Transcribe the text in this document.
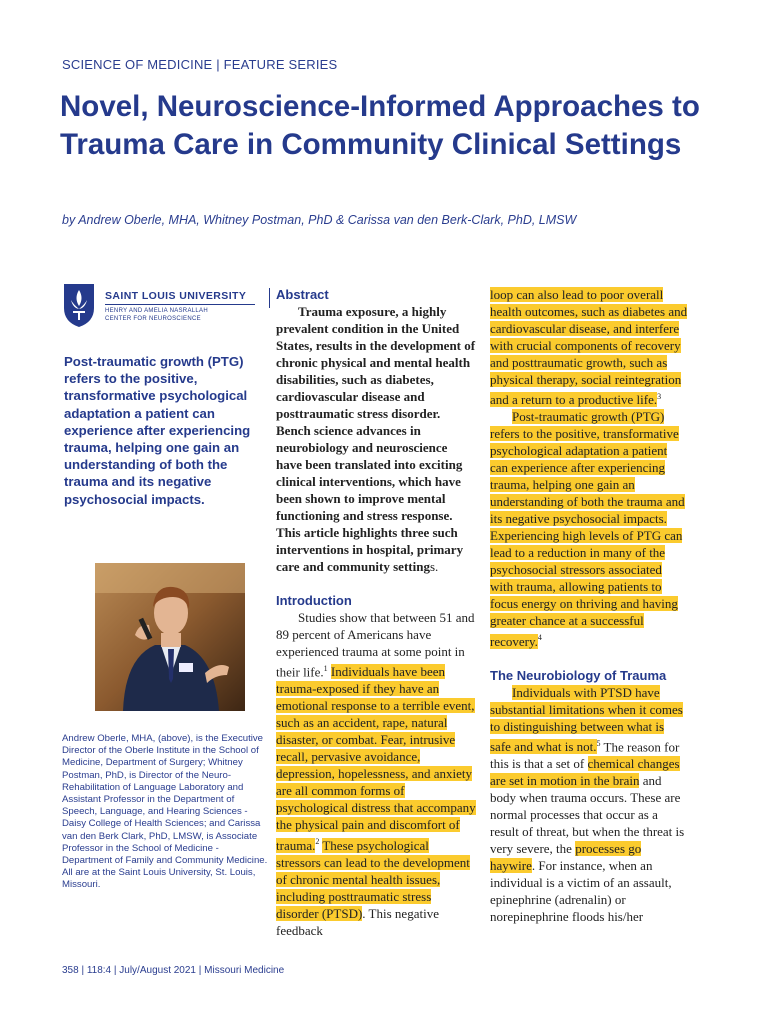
SCIENCE OF MEDICINE | FEATURE SERIES
Novel, Neuroscience-Informed Approaches to Trauma Care in Community Clinical Settings
by Andrew Oberle, MHA, Whitney Postman, PhD & Carissa van den Berk-Clark, PhD, LMSW
SAINT LOUIS UNIVERSITY
HENRY AND AMELIA NASRALLAH
CENTER FOR NEUROSCIENCE
Post-traumatic growth (PTG) refers to the positive, transformative psychological adaptation a patient can experience after experiencing trauma, helping one gain an understanding of both the trauma and its negative psychosocial impacts.
Andrew Oberle, MHA, (above), is the Executive Director of the Oberle Institute in the School of Medicine, Department of Surgery; Whitney Postman, PhD, is Director of the Neuro-Rehabilitation of Language Laboratory and Assistant Professor in the Department of Speech, Language, and Hearing Sciences - Daisy College of Health Sciences; and Carissa van den Berk Clark, PhD, LMSW, is Associate Professor in the School of Medicine - Department of Family and Community Medicine. All are at the Saint Louis University, St. Louis, Missouri.

Abstract

Trauma exposure, a highly prevalent condition in the United States, results in the development of chronic physical and mental health disabilities, such as diabetes, cardiovascular disease and posttraumatic stress disorder. Bench science advances in neurobiology and neuroscience have been translated into exciting clinical interventions, which have been shown to improve mental functioning and stress response. This article highlights three such interventions in hospital, primary care and community settings.

Introduction

Studies show that between 51 and 89 percent of Americans have experienced trauma at some point in their life.$^1$ Individuals have been trauma-exposed if they have an emotional response to a terrible event, such as an accident, rape, natural disaster, or combat. Fear, intrusive recall, pervasive avoidance, depression, hopelessness, and anxiety are all common forms of psychological distress that accompany the physical pain and discomfort of trauma.$^2$ These psychological stressors can lead to the development of chronic mental health issues, including posttraumatic stress disorder (PTSD). This negative feedback

loop can also lead to poor overall health outcomes, such as diabetes and cardiovascular disease, and interfere with crucial components of recovery and posttraumatic growth, such as physical therapy, social reintegration and a return to a productive life.$^3$

Post-traumatic growth (PTG) refers to the positive, transformative psychological adaptation a patient can experience after experiencing trauma, helping one gain an understanding of both the trauma and its negative psychosocial impacts. Experiencing high levels of PTG can lead to a reduction in many of the psychosocial stressors associated with trauma, allowing patients to focus energy on thriving and having greater chance at a successful recovery.$^4$

The Neurobiology of Trauma

Individuals with PTSD have substantial limitations when it comes to distinguishing between what is safe and what is not.$^5$ The reason for this is that a set of chemical changes are set in motion in the brain and body when trauma occurs. These are normal processes that occur as a result of threat, but when the threat is very severe, the processes go haywire. For instance, when an individual is a victim of an assault, epinephrine (adrenalin) or norepinephrine floods his/her

358 | 118:4 | July/August 2021 | Missouri Medicine
